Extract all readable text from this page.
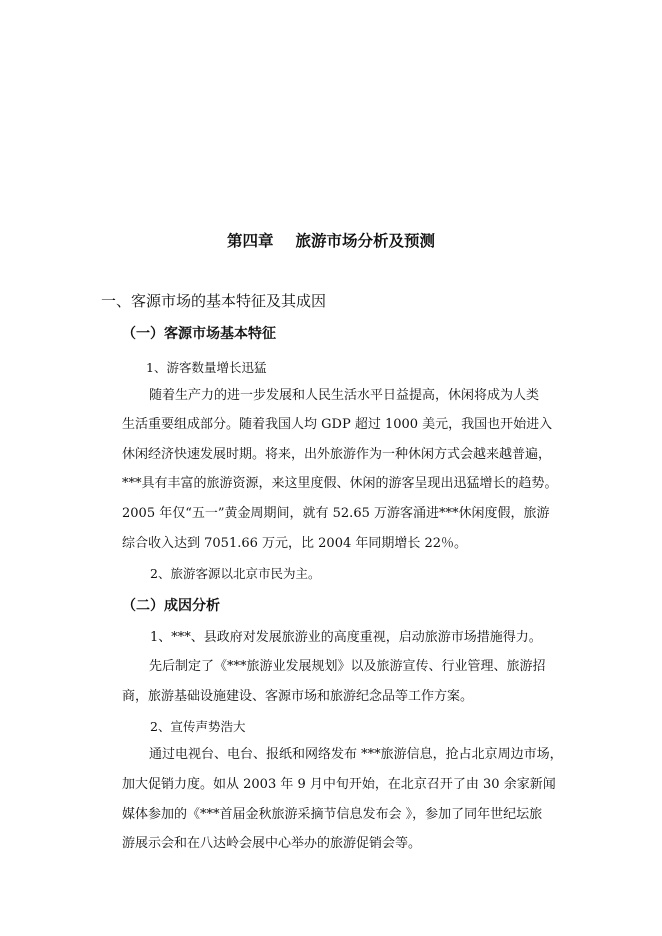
第四章 旅游市场分析及预测
一、客源市场的基本特征及其成因
（一）客源市场基本特征
1、游客数量增长迅猛
随着生产力的进一步发展和人民生活水平日益提高，休闲将成为人类
生活重要组成部分。随着我国人均 GDP 超过 1000 美元，我国也开始进入
休闲经济快速发展时期。将来，出外旅游作为一种休闲方式会越来越普遍，
***具有丰富的旅游资源，来这里度假、休闲的游客呈现出迅猛增长的趋势。
2005 年仅“五一”黄金周期间，就有 52.65 万游客涌进***休闲度假，旅游
综合收入达到 7051.66 万元，比 2004 年同期增长 22％。
2、旅游客源以北京市民为主。
（二）成因分析
1、***、县政府对发展旅游业的高度重视，启动旅游市场措施得力。
先后制定了《***旅游业发展规划》以及旅游宣传、行业管理、旅游招
商，旅游基础设施建设、客源市场和旅游纪念品等工作方案。
2、宣传声势浩大
通过电视台、电台、报纸和网络发布 ***旅游信息，抢占北京周边市场，
加大促销力度。如从 2003 年 9 月中旬开始，在北京召开了由 30 余家新闻
媒体参加的《***首届金秋旅游采摘节信息发布会 》，参加了同年世纪坛旅
游展示会和在八达岭会展中心举办的旅游促销会等。
